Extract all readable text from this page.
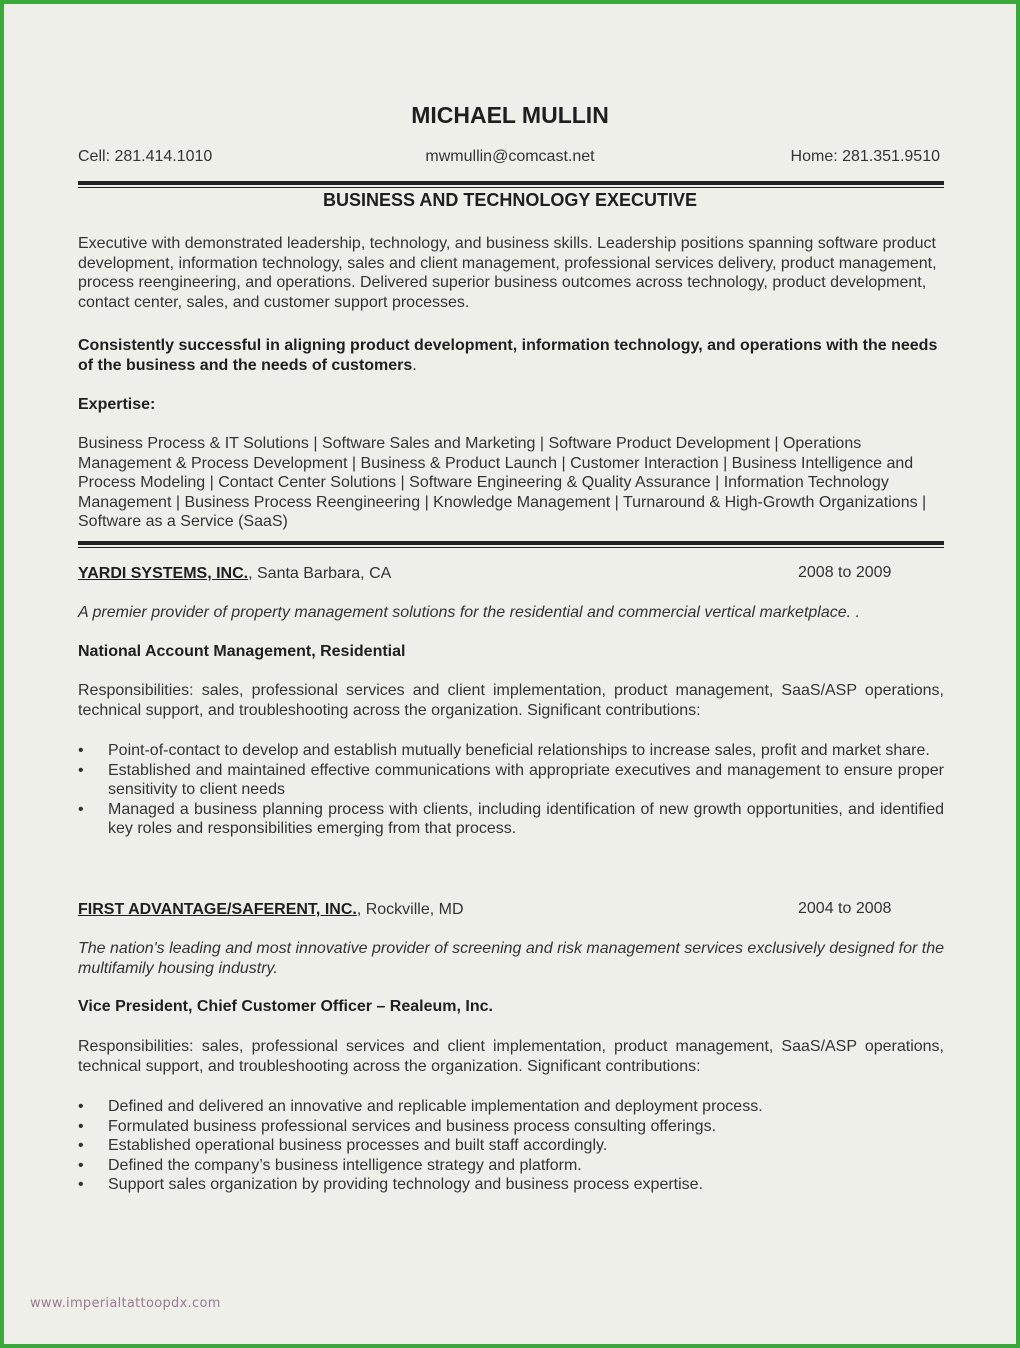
MICHAEL MULLIN
Cell: 281.414.1010	mwmullin@comcast.net	Home: 281.351.9510
BUSINESS AND TECHNOLOGY EXECUTIVE
Executive with demonstrated leadership, technology, and business skills. Leadership positions spanning software product development, information technology, sales and client management, professional services delivery, product management, process reengineering, and operations. Delivered superior business outcomes across technology, product development, contact center, sales, and customer support processes.
Consistently successful in aligning product development, information technology, and operations with the needs of the business and the needs of customers.
Expertise:
Business Process & IT Solutions | Software Sales and Marketing | Software Product Development | Operations Management & Process Development | Business & Product Launch | Customer Interaction | Business Intelligence and Process Modeling | Contact Center Solutions | Software Engineering & Quality Assurance | Information Technology Management | Business Process Reengineering | Knowledge Management | Turnaround & High-Growth Organizations | Software as a Service (SaaS)
YARDI SYSTEMS, INC., Santa Barbara, CA	2008 to 2009
A premier provider of property management solutions for the residential and commercial vertical marketplace. .
National Account Management, Residential
Responsibilities: sales, professional services and client implementation, product management, SaaS/ASP operations, technical support, and troubleshooting across the organization. Significant contributions:
•	Point-of-contact to develop and establish mutually beneficial relationships to increase sales, profit and market share.
•	Established and maintained effective communications with appropriate executives and management to ensure proper sensitivity to client needs
•	Managed a business planning process with clients, including identification of new growth opportunities, and identified key roles and responsibilities emerging from that process.
FIRST ADVANTAGE/SAFERENT, INC., Rockville, MD	2004 to 2008
The nation's leading and most innovative provider of screening and risk management services exclusively designed for the multifamily housing industry.
Vice President, Chief Customer Officer – Realeum, Inc.
Responsibilities: sales, professional services and client implementation, product management, SaaS/ASP operations, technical support, and troubleshooting across the organization. Significant contributions:
•	Defined and delivered an innovative and replicable implementation and deployment process.
•	Formulated business professional services and business process consulting offerings.
•	Established operational business processes and built staff accordingly.
•	Defined the company’s business intelligence strategy and platform.
•	Support sales organization by providing technology and business process expertise.
www.imperialtattoopdx.com
